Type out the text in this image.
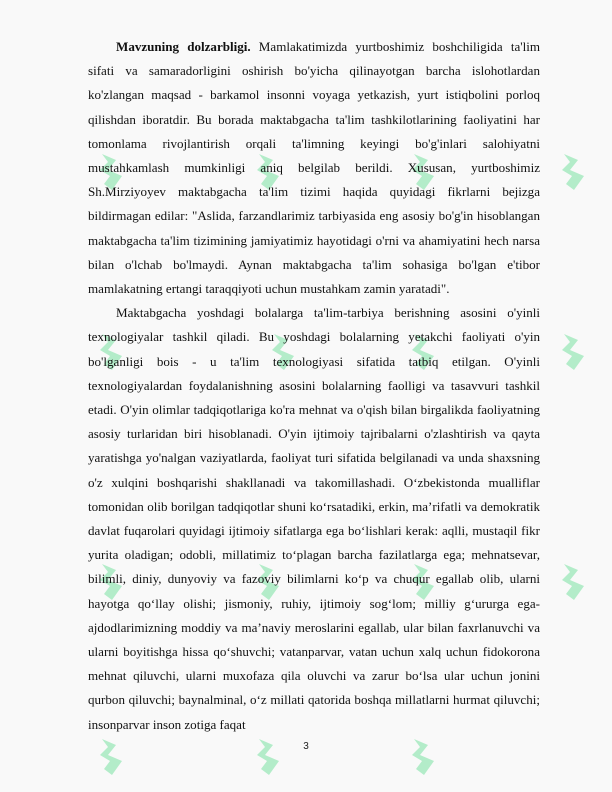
Mavzuning dolzarbligi. Mamlakatimizda yurtboshimiz boshchiligida ta'lim sifati va samaradorligini oshirish bo'yicha qilinayotgan barcha islohotlardan ko'zlangan maqsad - barkamol insonni voyaga yetkazish, yurt istiqbolini porloq qilishdan iboratdir. Bu borada maktabgacha ta'lim tashkilotlarining faoliyatini har tomonlama rivojlantirish orqali ta'limning keyingi bo'g'inlari salohiyatni mustahkamlash mumkinligi aniq belgilab berildi. Xususan, yurtboshimiz Sh.Mirziyoyev maktabgacha ta'lim tizimi haqida quyidagi fikrlarni bejizga bildirmagan edilar: "Aslida, farzandlarimiz tarbiyasida eng asosiy bo'g'in hisoblangan maktabgacha ta'lim tizimining jamiyatimiz hayotidagi o'rni va ahamiyatini hech narsa bilan o'lchab bo'lmaydi. Aynan maktabgacha ta'lim sohasiga bo'lgan e'tibor mamlakatning ertangi taraqqiyoti uchun mustahkam zamin yaratadi".

Maktabgacha yoshdagi bolalarga ta'lim-tarbiya berishning asosini o'yinli texnologiyalar tashkil qiladi. Bu yoshdagi bolalarning yetakchi faoliyati o'yin bo'lganligi bois - u ta'lim texnologiyasi sifatida tatbiq etilgan. O'yinli texnologiyalardan foydalanishning asosini bolalarning faolligi va tasavvuri tashkil etadi. O'yin olimlar tadqiqotlariga ko'ra mehnat va o'qish bilan birgalikda faoliyatning asosiy turlaridan biri hisoblanadi. O'yin ijtimoiy tajribalarni o'zlashtirish va qayta yaratishga yo'nalgan vaziyatlarda, faoliyat turi sifatida belgilanadi va unda shaxsning o'z xulqini boshqarishi shakllanadi va takomillashadi. O‘zbekistonda mualliflar tomonidan olib borilgan tadqiqotlar shuni ko‘rsatadiki, erkin, ma’rifatli va demokratik davlat fuqarolari quyidagi ijtimoiy sifatlarga ega bo‘lishlari kerak: aqlli, mustaqil fikr yurita oladigan; odobli, millatimiz to‘plagan barcha fazilatlarga ega; mehnatsevar, bilimli, diniy, dunyoviy va fazoviy bilimlarni ko‘p va chuqur egallab olib, ularni hayotga qo‘llay olishi; jismoniy, ruhiy, ijtimoiy sog‘lom; milliy g‘ururga ega-ajdodlarimizning moddiy va ma’naviy meroslarini egallab, ular bilan faxrlanuvchi va ularni boyitishga hissa qo‘shuvchi; vatanparvar, vatan uchun xalq uchun fidokorona mehnat qiluvchi, ularni muxofaza qila oluvchi va zarur bo‘lsa ular uchun jonini qurbon qiluvchi; baynalminal, o‘z millati qatorida boshqa millatlarni hurmat qiluvchi; insonparvar inson zotiga faqat

3
